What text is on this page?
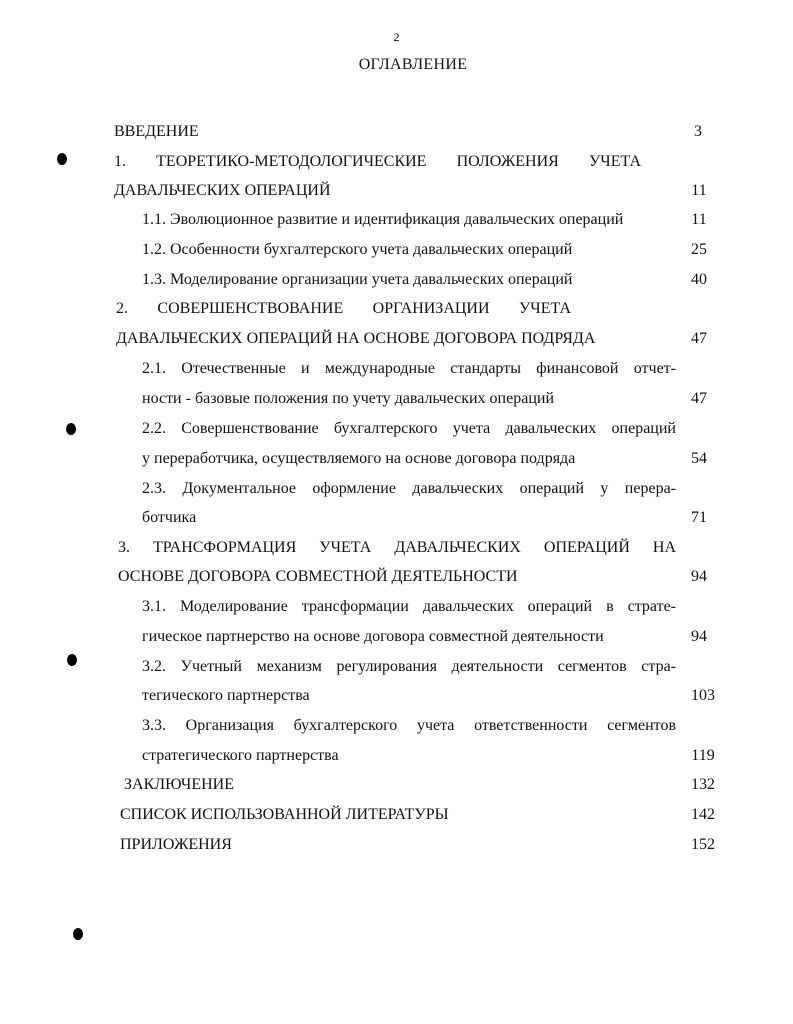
2
ОГЛАВЛЕНИЕ
ВВЕДЕНИЕ	3
1. ТЕОРЕТИКО-МЕТОДОЛОГИЧЕСКИЕ ПОЛОЖЕНИЯ УЧЕТА
ДАВАЛЬЧЕСКИХ ОПЕРАЦИЙ	11
1.1. Эволюционное развитие и идентификация давальческих операций	11
1.2. Особенности бухгалтерского учета давальческих операций	25
1.3. Моделирование организации учета давальческих операций	40
2. СОВЕРШЕНСТВОВАНИЕ ОРГАНИЗАЦИИ УЧЕТА
ДАВАЛЬЧЕСКИХ ОПЕРАЦИЙ НА ОСНОВЕ ДОГОВОРА ПОДРЯДА	47
2.1. Отечественные и международные стандарты финансовой отчет-
ности - базовые положения по учету давальческих операций	47
2.2. Совершенствование бухгалтерского учета давальческих операций
у переработчика, осуществляемого на основе договора подряда	54
2.3. Документальное оформление давальческих операций у перера-
ботчика	71
3. ТРАНСФОРМАЦИЯ УЧЕТА ДАВАЛЬЧЕСКИХ ОПЕРАЦИЙ НА
ОСНОВЕ ДОГОВОРА СОВМЕСТНОЙ ДЕЯТЕЛЬНОСТИ	94
3.1. Моделирование трансформации давальческих операций в страте-
гическое партнерство на основе договора совместной деятельности	94
3.2. Учетный механизм регулирования деятельности сегментов стра-
тегического партнерства	103
3.3. Организация бухгалтерского учета ответственности сегментов
стратегического партнерства	119
ЗАКЛЮЧЕНИЕ	132
СПИСОК ИСПОЛЬЗОВАННОЙ ЛИТЕРАТУРЫ	142
ПРИЛОЖЕНИЯ	152
